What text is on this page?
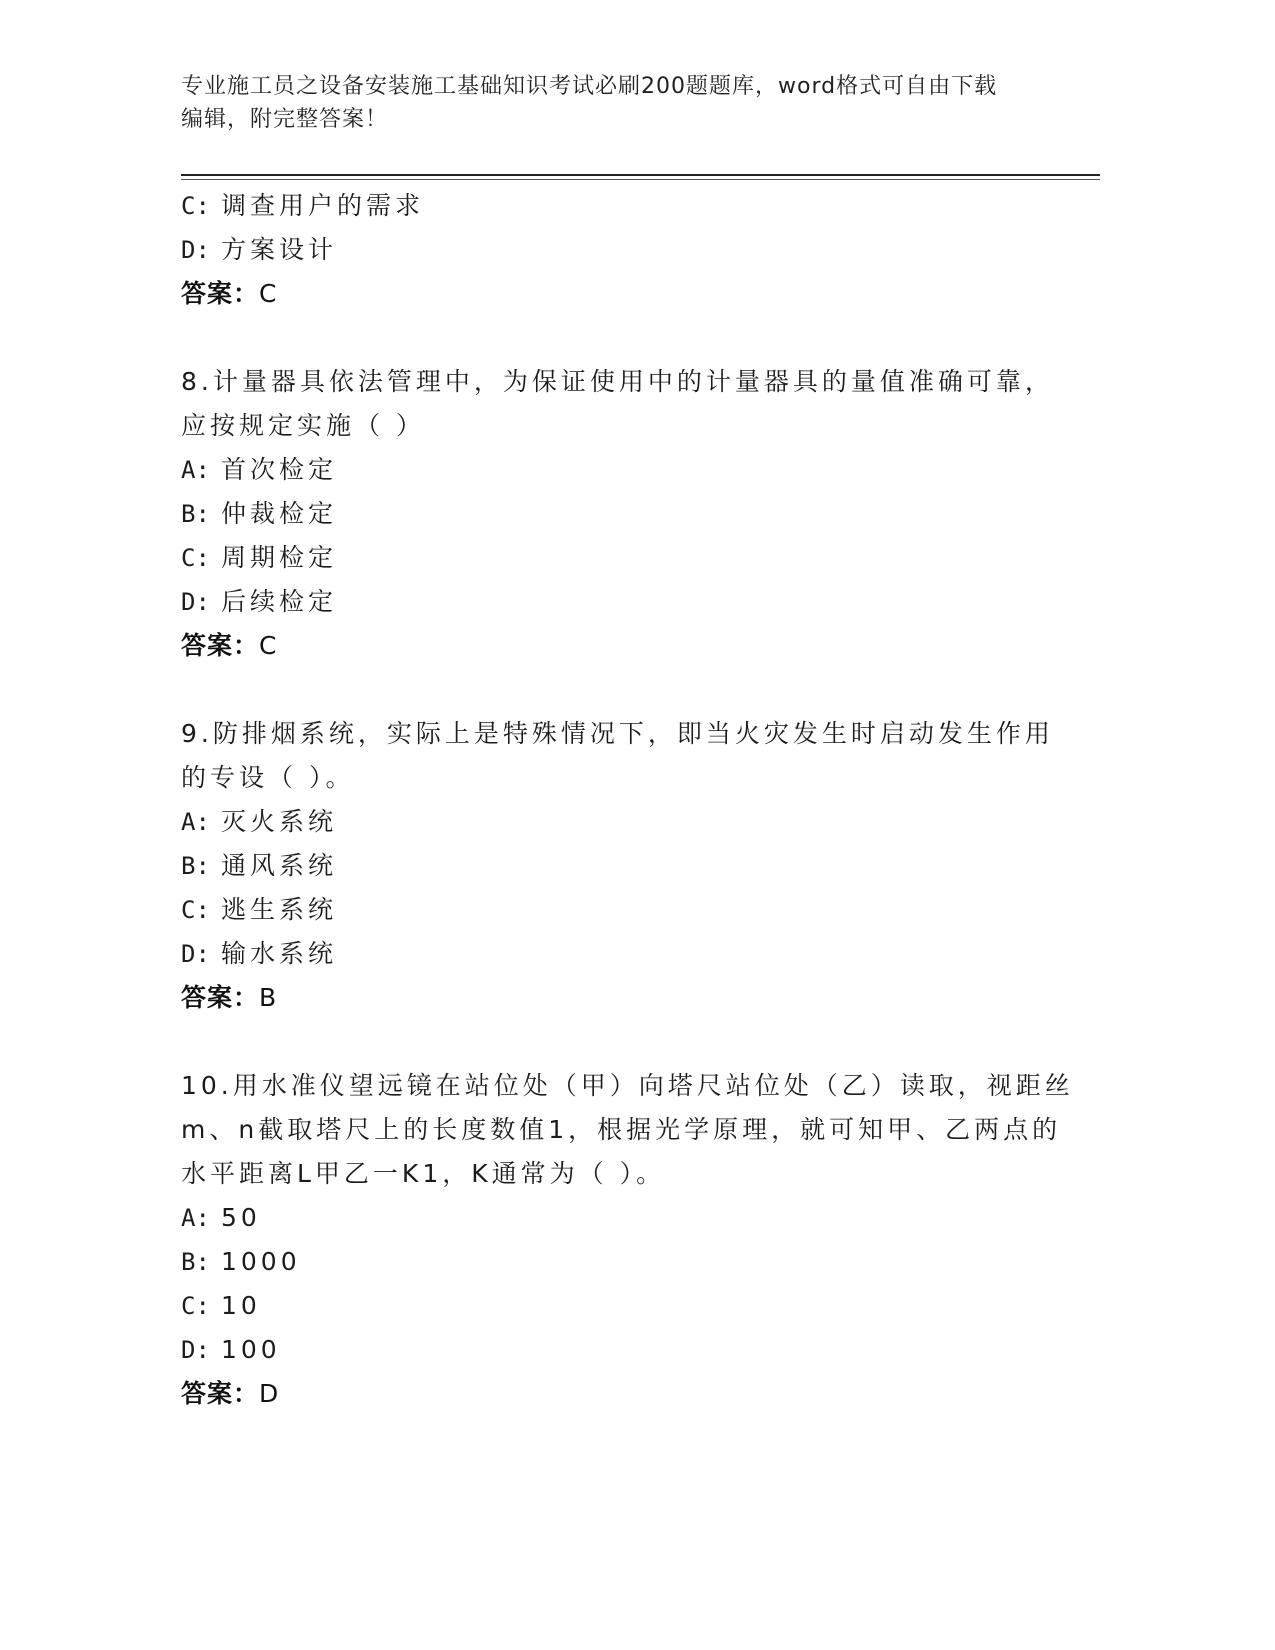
专业施工员之设备安装施工基础知识考试必刷200题题库，word格式可自由下载
编辑，附完整答案！
C: 调查用户的需求
D: 方案设计
答案：C
8.计量器具依法管理中，为保证使用中的计量器具的量值准确可靠，
应按规定实施（ ）
A: 首次检定
B: 仲裁检定
C: 周期检定
D: 后续检定
答案：C
9.防排烟系统，实际上是特殊情况下，即当火灾发生时启动发生作用
的专设（ ）。
A: 灭火系统
B: 通风系统
C: 逃生系统
D: 输水系统
答案：B
10.用水准仪望远镜在站位处（甲）向塔尺站位处（乙）读取，视距丝
m、n截取塔尺上的长度数值1，根据光学原理，就可知甲、乙两点的
水平距离L甲乙一K1，K通常为（ ）。
A: 50
B: 1000
C: 10
D: 100
答案：D
